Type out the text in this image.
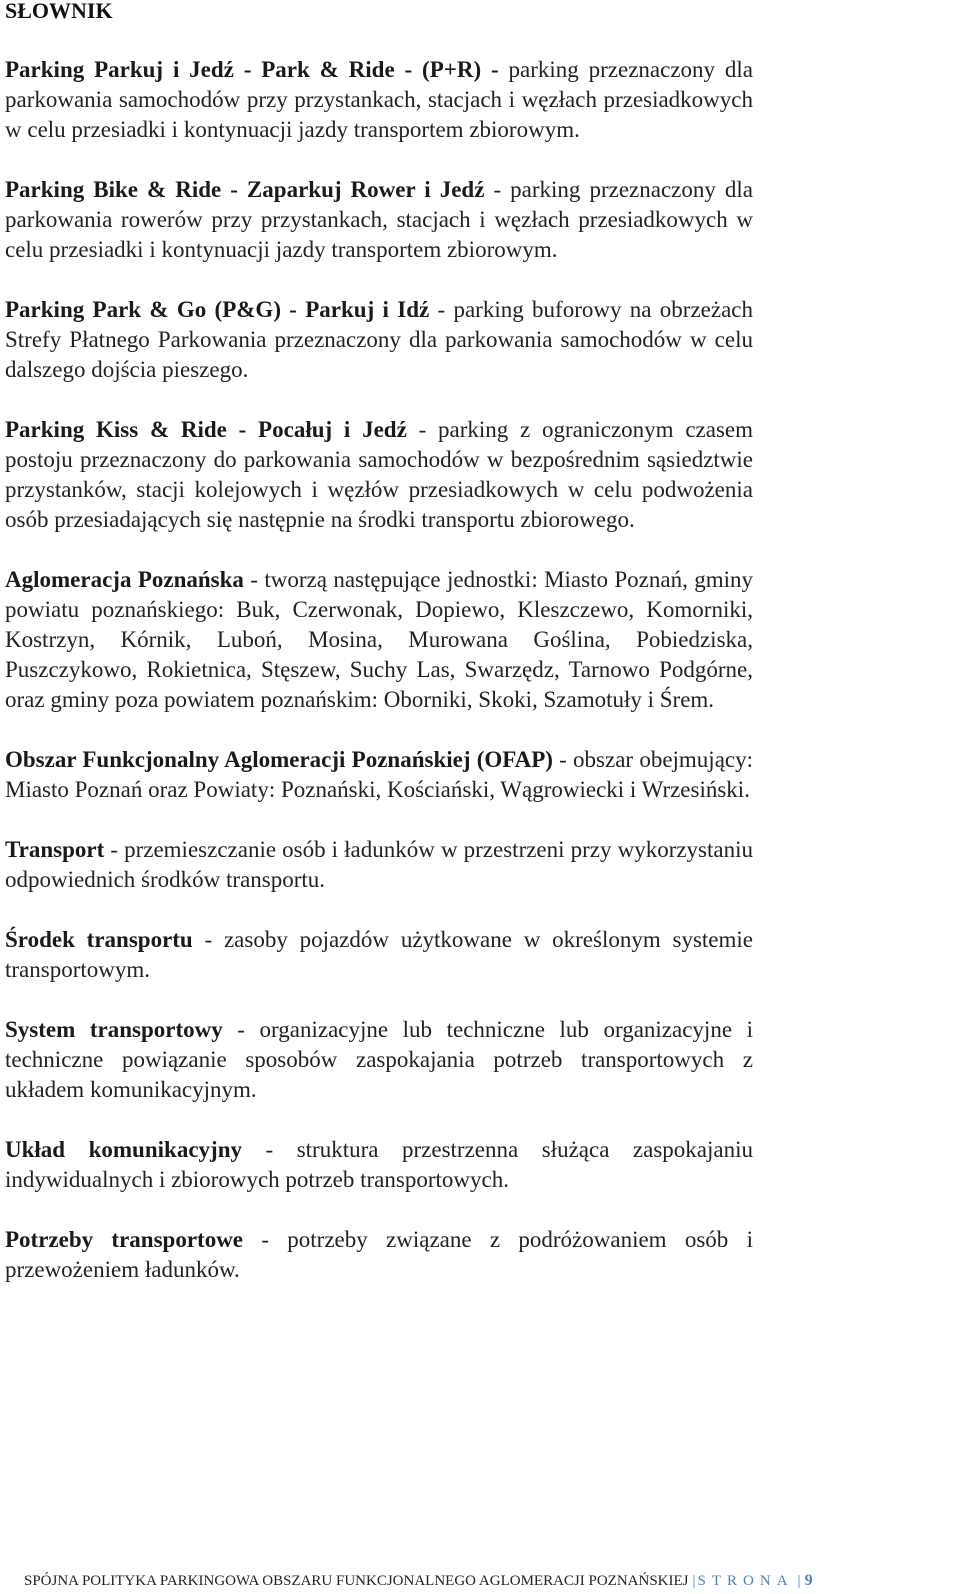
SŁOWNIK

Parking Parkuj i Jedź - Park & Ride - (P+R) - parking przeznaczony dla parkowania samochodów przy przystankach, stacjach i węzłach przesiadkowych w celu przesiadki i kontynuacji jazdy transportem zbiorowym.

Parking Bike & Ride - Zaparkuj Rower i Jedź - parking przeznaczony dla parkowania rowerów przy przystankach, stacjach i węzłach przesiadkowych w celu przesiadki i kontynuacji jazdy transportem zbiorowym.

Parking Park & Go (P&G) - Parkuj i Idź - parking buforowy na obrzeżach Strefy Płatnego Parkowania przeznaczony dla parkowania samochodów w celu dalszego dojścia pieszego.

Parking Kiss & Ride - Pocałuj i Jedź - parking z ograniczonym czasem postoju przeznaczony do parkowania samochodów w bezpośrednim sąsiedztwie przystanków, stacji kolejowych i węzłów przesiadkowych w celu podwożenia osób przesiadających się następnie na środki transportu zbiorowego.

Aglomeracja Poznańska - tworzą następujące jednostki: Miasto Poznań, gminy powiatu poznańskiego: Buk, Czerwonak, Dopiewo, Kleszczewo, Komorniki, Kostrzyn, Kórnik, Luboń, Mosina, Murowana Goślina, Pobiedziska, Puszczykowo, Rokietnica, Stęszew, Suchy Las, Swarzędz, Tarnowo Podgórne, oraz gminy poza powiatem poznańskim: Oborniki, Skoki, Szamotuły i Śrem.

Obszar Funkcjonalny Aglomeracji Poznańskiej (OFAP) - obszar obejmujący: Miasto Poznań oraz Powiaty: Poznański, Kościański, Wągrowiecki i Wrzesiński.

Transport - przemieszczanie osób i ładunków w przestrzeni przy wykorzystaniu odpowiednich środków transportu.

Środek transportu - zasoby pojazdów użytkowane w określonym systemie transportowym.

System transportowy - organizacyjne lub techniczne lub organizacyjne i techniczne powiązanie sposobów zaspokajania potrzeb transportowych z układem komunikacyjnym.

Układ komunikacyjny - struktura przestrzenna służąca zaspokajaniu indywidualnych i zbiorowych potrzeb transportowych.

Potrzeby transportowe - potrzeby związane z podróżowaniem osób i przewożeniem ładunków.

SPÓJNA POLITYKA PARKINGOWA OBSZARU FUNKCJONALNEGO AGLOMERACJI POZNAŃSKIEJ | STRONA | 9
